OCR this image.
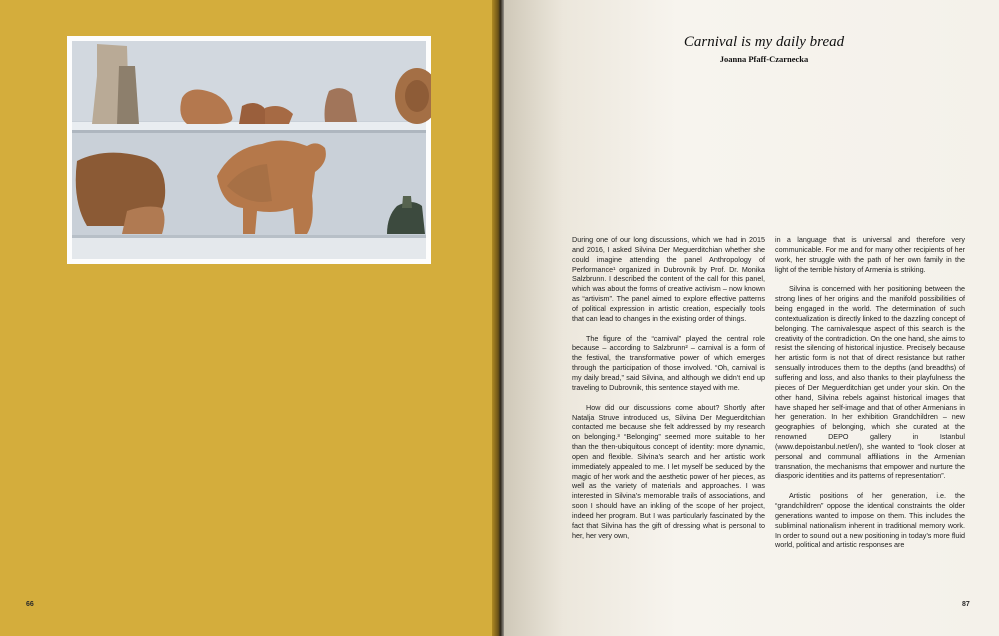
66
Carnival is my daily bread
Joanna Pfaff-Czarnecka
87

During one of our long discussions, which we had in 2015 and 2016, I asked Silvina Der Meguerditchian whether she could imagine attending the panel Anthropology of Performance¹ organized in Dubrovnik by Prof. Dr. Monika Salzbrunn. I described the content of the call for this panel, which was about the forms of creative activism – now known as “artivism”. The panel aimed to explore effective patterns of political expression in artistic creation, especially tools that can lead to changes in the existing order of things.

The figure of the “carnival” played the central role because – according to Salzbrunn² – carnival is a form of the festival, the transformative power of which emerges through the participation of those involved. “Oh, carnival is my daily bread,” said Silvina, and although we didn’t end up traveling to Dubrovnik, this sentence stayed with me.

How did our discussions come about? Shortly after Natalja Struve introduced us, Silvina Der Meguerditchian contacted me because she felt addressed by my research on belonging.³ “Belonging” seemed more suitable to her than the then-ubiquitous concept of identity: more dynamic, open and flexible. Silvina’s search and her artistic work immediately appealed to me. I let myself be seduced by the magic of her work and the aesthetic power of her pieces, as well as the variety of materials and approaches. I was interested in Silvina’s memorable trails of associations, and soon I should have an inkling of the scope of her project, indeed her program. But I was particularly fascinated by the fact that Silvina has the gift of dressing what is personal to her, her very own,

in a language that is universal and therefore very communicable. For me and for many other recipients of her work, her struggle with the path of her own family in the light of the terrible history of Armenia is striking.

Silvina is concerned with her positioning between the strong lines of her origins and the manifold possibilities of being engaged in the world. The determination of such contextualization is directly linked to the dazzling concept of belonging. The carnivalesque aspect of this search is the creativity of the contradiction. On the one hand, she aims to resist the silencing of historical injustice. Precisely because her artistic form is not that of direct resistance but rather sensually introduces them to the depths (and breadths) of suffering and loss, and also thanks to their playfulness the pieces of Der Meguerditchian get under your skin. On the other hand, Silvina rebels against historical images that have shaped her self-image and that of other Armenians in her generation. In her exhibition Grandchildren – new geographies of belonging, which she curated at the renowned DEPO gallery in Istanbul (www.depoistanbul.net/en/), she wanted to “look closer at personal and communal affiliations in the Armenian transnation, the mechanisms that empower and nurture the diasporic identities and its patterns of representation”.

Artistic positions of her generation, i.e. the “grandchildren” oppose the identical constraints the older generations wanted to impose on them. This includes the subliminal nationalism inherent in traditional memory work. In order to sound out a new positioning in today’s more fluid world, political and artistic responses are
